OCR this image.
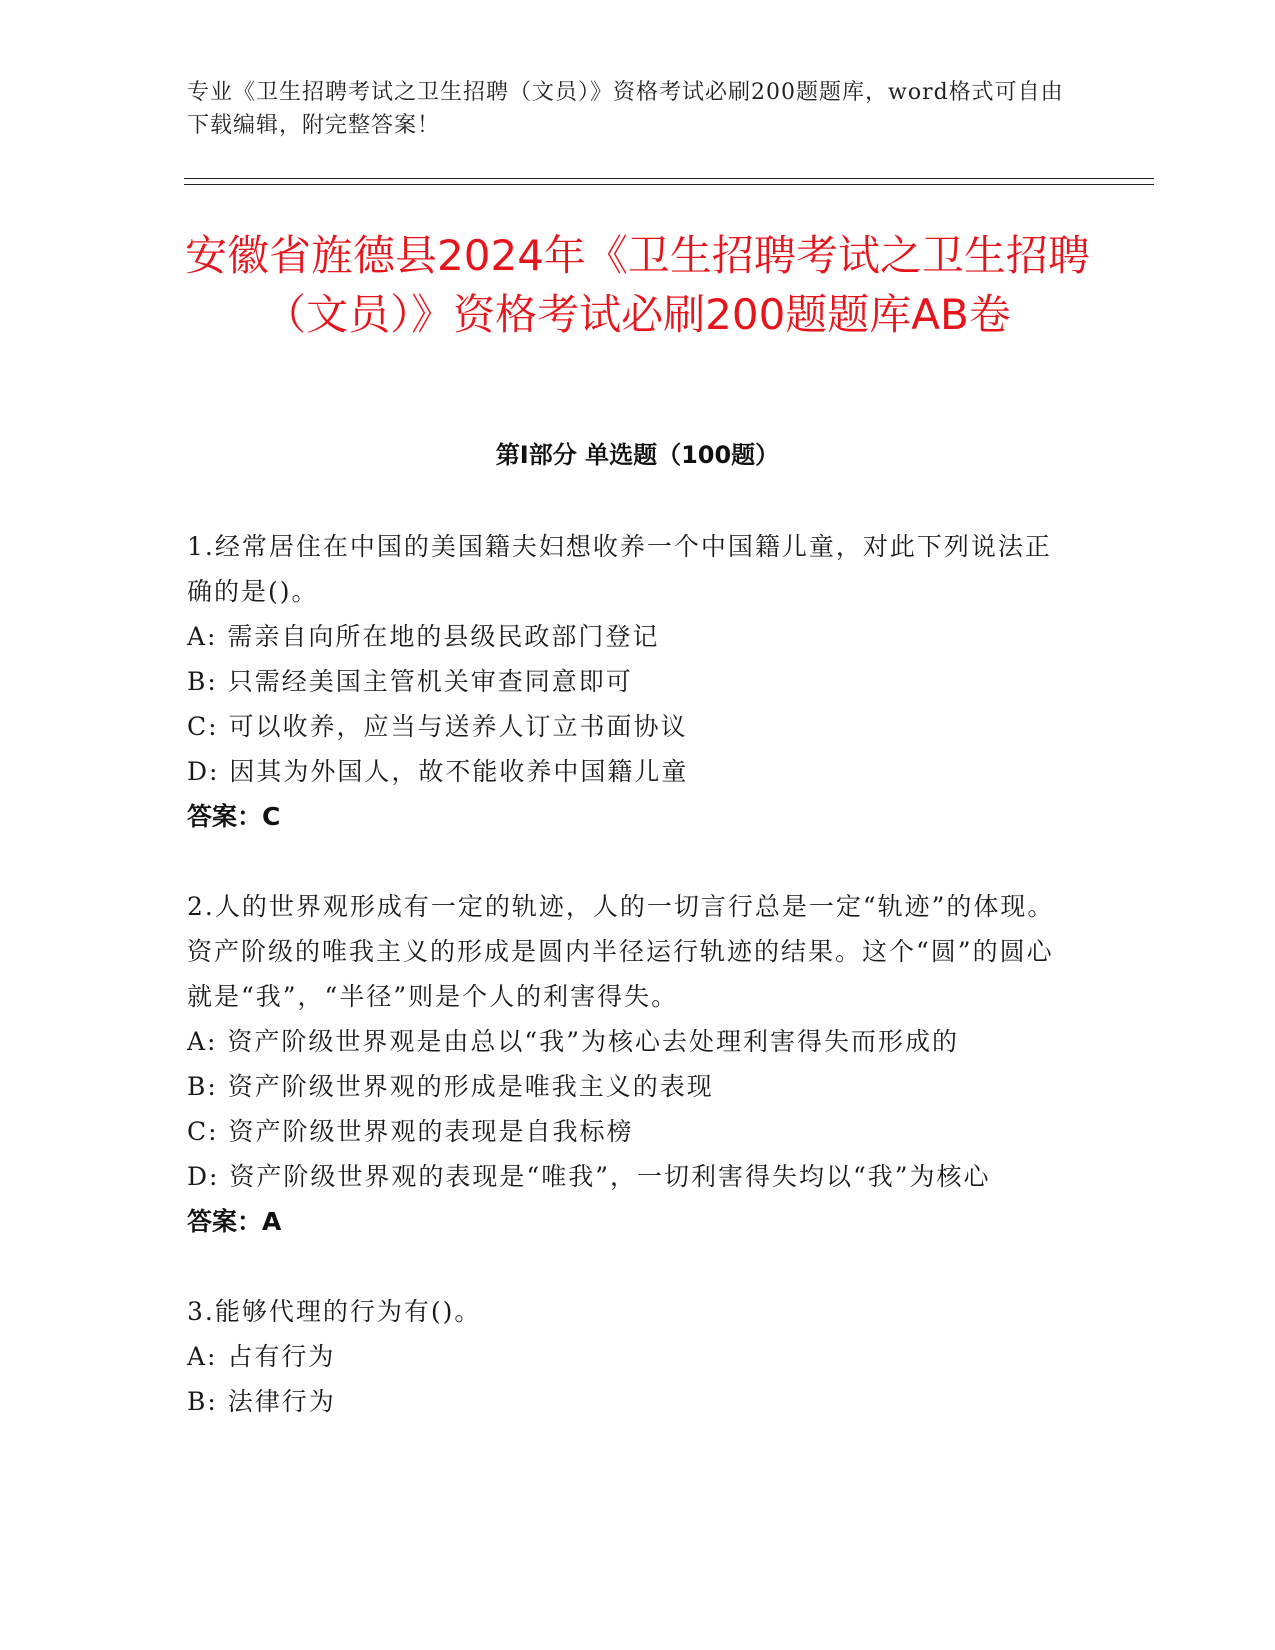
专业《卫生招聘考试之卫生招聘（文员）》资格考试必刷200题题库，word格式可自由下载编辑，附完整答案！
安徽省旌德县2024年《卫生招聘考试之卫生招聘（文员）》资格考试必刷200题题库AB卷
第I部分 单选题（100题）
1.经常居住在中国的美国籍夫妇想收养一个中国籍儿童，对此下列说法正确的是()。
A: 需亲自向所在地的县级民政部门登记
B: 只需经美国主管机关审查同意即可
C: 可以收养，应当与送养人订立书面协议
D: 因其为外国人，故不能收养中国籍儿童
答案：C
2.人的世界观形成有一定的轨迹，人的一切言行总是一定“轨迹”的体现。资产阶级的唯我主义的形成是圆内半径运行轨迹的结果。这个“圆”的圆心就是“我”，“半径”则是个人的利害得失。
A: 资产阶级世界观是由总以“我”为核心去处理利害得失而形成的
B: 资产阶级世界观的形成是唯我主义的表现
C: 资产阶级世界观的表现是自我标榜
D: 资产阶级世界观的表现是“唯我”，一切利害得失均以“我”为核心
答案：A
3.能够代理的行为有()。
A: 占有行为
B: 法律行为
